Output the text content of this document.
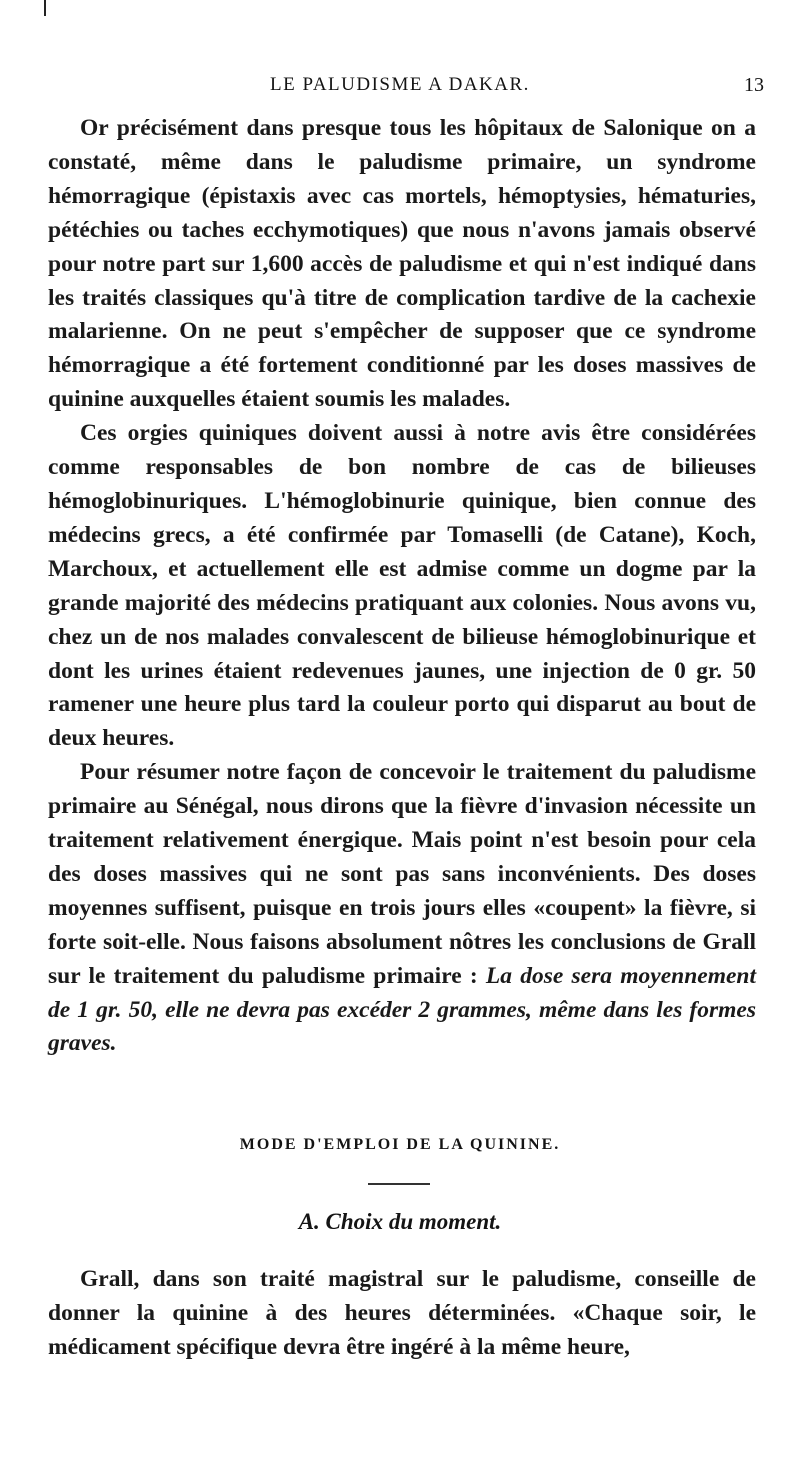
LE PALUDISME A DAKAR.	13

Or précisément dans presque tous les hôpitaux de Salonique on a constaté, même dans le paludisme primaire, un syndrome hémorragique (épistaxis avec cas mortels, hémoptysies, hématuries, pétéchies ou taches ecchymotiques) que nous n'avons jamais observé pour notre part sur 1,600 accès de paludisme et qui n'est indiqué dans les traités classiques qu'à titre de complication tardive de la cachexie malarienne. On ne peut s'empêcher de supposer que ce syndrome hémorragique a été fortement conditionné par les doses massives de quinine auxquelles étaient soumis les malades.

Ces orgies quiniques doivent aussi à notre avis être considérées comme responsables de bon nombre de cas de bilieuses hémoglobinuriques. L'hémoglobinurie quinique, bien connue des médecins grecs, a été confirmée par Tomaselli (de Catane), Koch, Marchoux, et actuellement elle est admise comme un dogme par la grande majorité des médecins pratiquant aux colonies. Nous avons vu, chez un de nos malades convalescent de bilieuse hémoglobinurique et dont les urines étaient redevenues jaunes, une injection de 0 gr. 50 ramener une heure plus tard la couleur porto qui disparut au bout de deux heures.

Pour résumer notre façon de concevoir le traitement du paludisme primaire au Sénégal, nous dirons que la fièvre d'invasion nécessite un traitement relativement énergique. Mais point n'est besoin pour cela des doses massives qui ne sont pas sans inconvénients. Des doses moyennes suffisent, puisque en trois jours elles «coupent» la fièvre, si forte soit-elle. Nous faisons absolument nôtres les conclusions de Grall sur le traitement du paludisme primaire : La dose sera moyennement de 1 gr. 50, elle ne devra pas excéder 2 grammes, même dans les formes graves.

MODE D'EMPLOI DE LA QUININE.
A. Choix du moment.

Grall, dans son traité magistral sur le paludisme, conseille de donner la quinine à des heures déterminées. «Chaque soir, le médicament spécifique devra être ingéré à la même heure,
